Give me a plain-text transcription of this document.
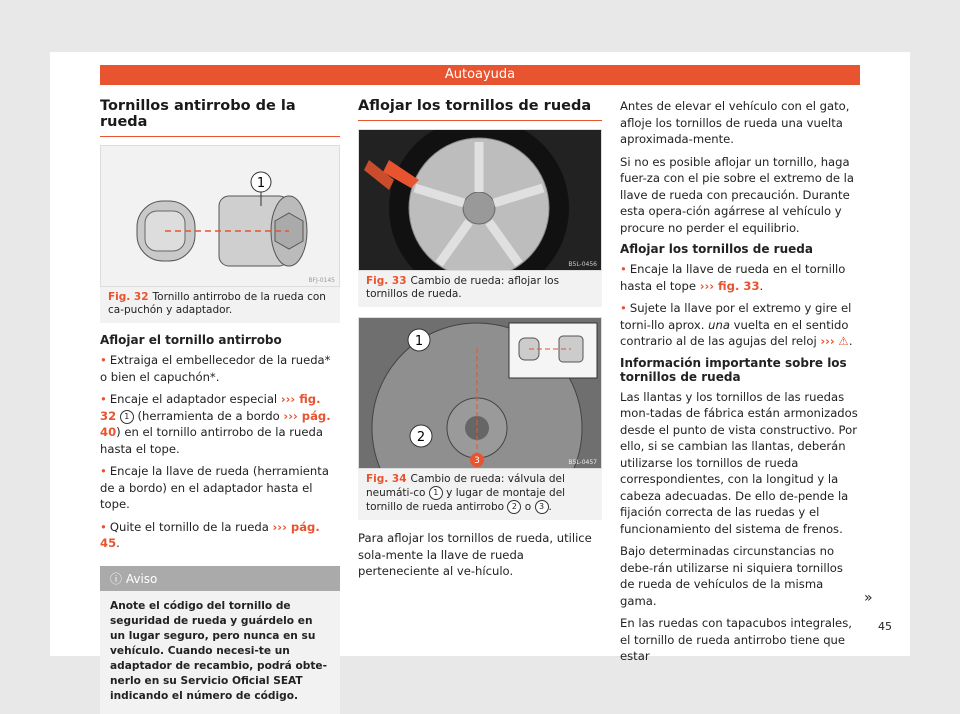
Autoayuda
Tornillos antirrobo de la rueda
1
BFJ-0145
Fig. 32 Tornillo antirrobo de la rueda con ca-puchón y adaptador.
Aflojar el tornillo antirrobo

• Extraiga el embellecedor de la rueda* o bien el capuchón*.

• Encaje el adaptador especial ››› fig. 32 1 (herramienta de a bordo ››› pág. 40) en el tornillo antirrobo de la rueda hasta el tope.

• Encaje la llave de rueda (herramienta de a bordo) en el adaptador hasta el tope.

• Quite el tornillo de la rueda ››› pág. 45.

ⓘ Aviso
Anote el código del tornillo de seguridad de rueda y guárdelo en un lugar seguro, pero nunca en su vehículo. Cuando necesi-te un adaptador de recambio, podrá obte-nerlo en su Servicio Oficial SEAT indicando el número de código.
Aflojar los tornillos de rueda
B5L-0456
Fig. 33 Cambio de rueda: aflojar los tornillos de rueda.
1
2
3	B5L-0457
Fig. 34 Cambio de rueda: válvula del neumáti-co 1 y lugar de montaje del tornillo de rueda antirrobo 2 o 3 .

Para aflojar los tornillos de rueda, utilice sola-mente la llave de rueda perteneciente al ve-hículo.

Antes de elevar el vehículo con el gato, afloje los tornillos de rueda una vuelta aproximada-mente.

Si no es posible aflojar un tornillo, haga fuer-za con el pie sobre el extremo de la llave de rueda con precaución. Durante esta opera-ción agárrese al vehículo y procure no perder el equilibrio.

Aflojar los tornillos de rueda

• Encaje la llave de rueda en el tornillo hasta el tope ››› fig. 33.

• Sujete la llave por el extremo y gire el torni-llo aprox. una vuelta en el sentido contrario al de las agujas del reloj ››› ⚠.

Información importante sobre los tornillos de rueda

Las llantas y los tornillos de las ruedas mon-tadas de fábrica están armonizados desde el punto de vista constructivo. Por ello, si se cambian las llantas, deberán utilizarse los tornillos de rueda correspondientes, con la longitud y la cabeza adecuadas. De ello de-pende la fijación correcta de las ruedas y el funcionamiento del sistema de frenos.

Bajo determinadas circunstancias no debe-rán utilizarse ni siquiera tornillos de rueda de vehículos de la misma gama.

En las ruedas con tapacubos integrales, el tornillo de rueda antirrobo tiene que estar

»
45
